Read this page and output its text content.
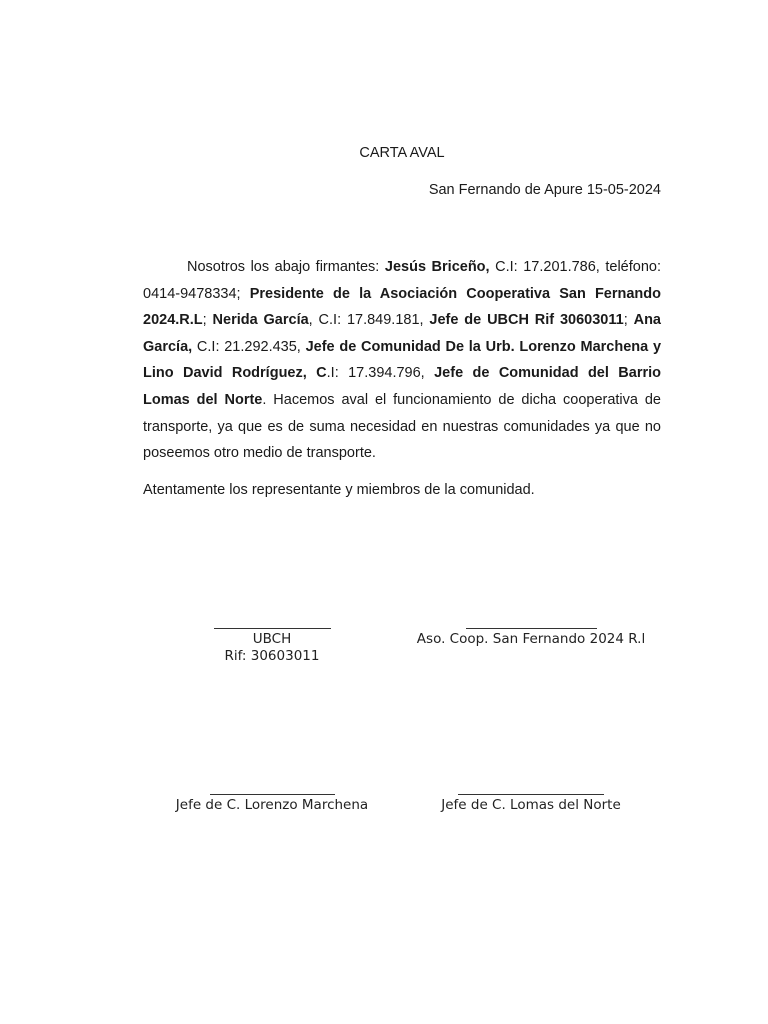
CARTA AVAL
San Fernando de Apure 15-05-2024

Nosotros los abajo firmantes: Jesús Briceño, C.I: 17.201.786, teléfono: 0414-9478334; Presidente de la Asociación Cooperativa San Fernando 2024.R.L; Nerida García, C.I: 17.849.181, Jefe de UBCH Rif 30603011; Ana García, C.I: 21.292.435, Jefe de Comunidad De la Urb. Lorenzo Marchena y Lino David Rodríguez, C.I: 17.394.796, Jefe de Comunidad del Barrio Lomas del Norte. Hacemos aval el funcionamiento de dicha cooperativa de transporte, ya que es de suma necesidad en nuestras comunidades ya que no poseemos otro medio de transporte.

Atentamente los representante y miembros de la comunidad.

UBCH
Rif: 30603011
Aso. Coop. San Fernando 2024 R.l
Jefe de C. Lorenzo Marchena	Jefe de C. Lomas del Norte
